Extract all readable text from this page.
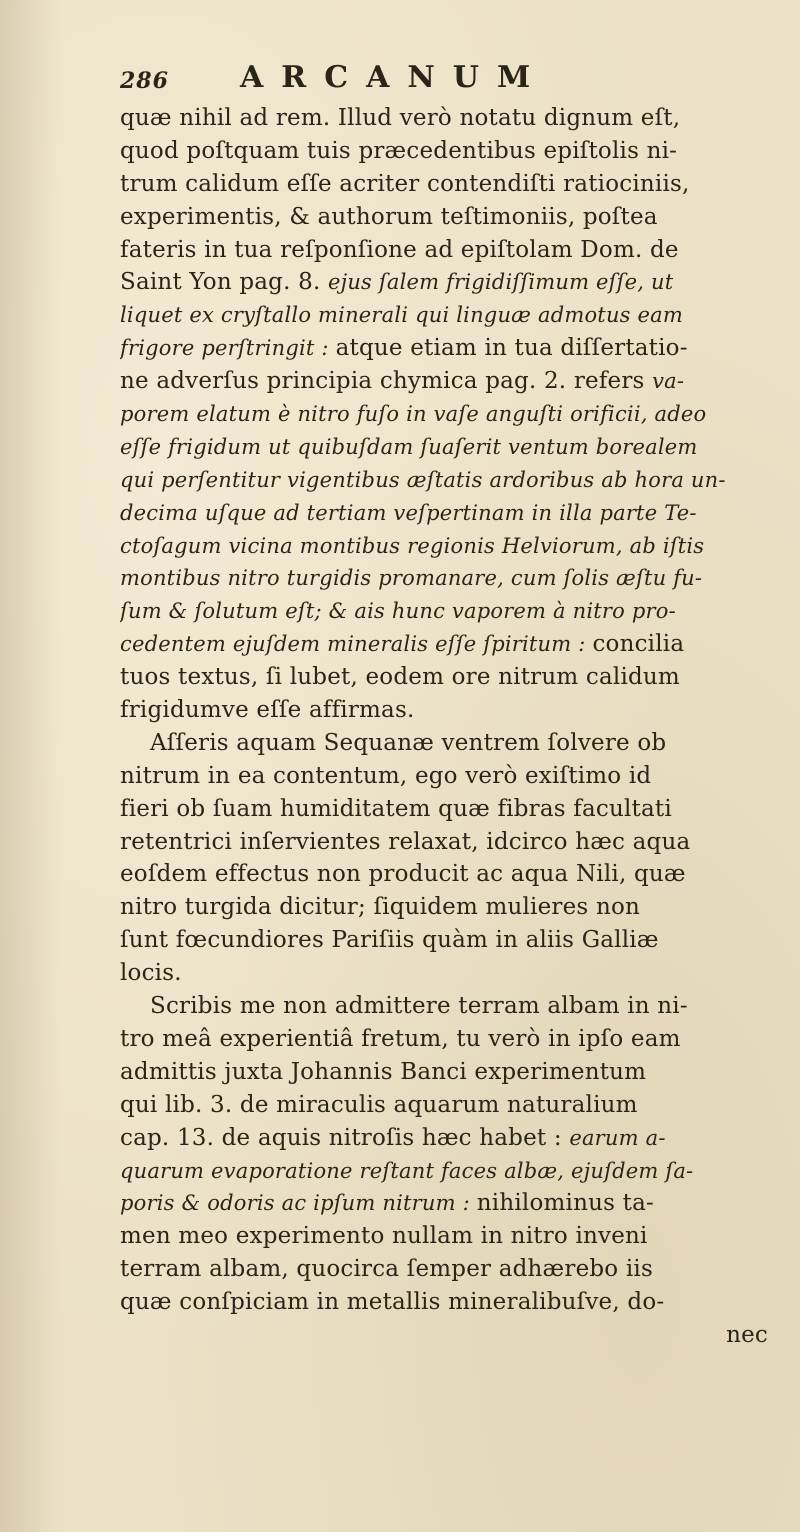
286 ARCANUM
quæ nihil ad rem. Illud verò notatu dignum eſt,
quod poſtquam tuis præcedentibus epiſtolis ni-
trum calidum eſſe acriter contendiſti ratiociniis,
experimentis, & authorum teſtimoniis, poſtea
fateris in tua reſponſione ad epiſtolam Dom. de
Saint Yon pag. 8. ejus ſalem frigidiſſimum eſſe, ut
liquet ex cryſtallo minerali qui linguæ admotus eam
frigore perſtringit : atque etiam in tua diſſertatio-
ne adverſus principia chymica pag. 2. refers va-
porem elatum è nitro fuſo in vaſe anguſti orificii, adeo
eſſe frigidum ut quibuſdam ſuaſerit ventum borealem
qui perſentitur vigentibus æſtatis ardoribus ab hora un-
decima uſque ad tertiam veſpertinam in illa parte Te-
ctoſagum vicina montibus regionis Helviorum, ab iſtis
montibus nitro turgidis promanare, cum ſolis æſtu fu-
ſum & ſolutum eſt; & ais hunc vaporem à nitro pro-
cedentem ejuſdem mineralis eſſe ſpiritum : concilia
tuos textus, ſi lubet, eodem ore nitrum calidum
frigidumve eſſe affirmas.
Aſſeris aquam Sequanæ ventrem ſolvere ob
nitrum in ea contentum, ego verò exiſtimo id
fieri ob ſuam humiditatem quæ fibras facultati
retentrici inſervientes relaxat, idcirco hæc aqua
eoſdem effectus non producit ac aqua Nili, quæ
nitro turgida dicitur; ſiquidem mulieres non
ſunt fœcundiores Pariſiis quàm in aliis Galliæ
locis.
Scribis me non admittere terram albam in ni-
tro meâ experientiâ fretum, tu verò in ipſo eam
admittis juxta Johannis Banci experimentum
qui lib. 3. de miraculis aquarum naturalium
cap. 13. de aquis nitroſis hæc habet : earum a-
quarum evaporatione reſtant faces albæ, ejuſdem ſa-
poris & odoris ac ipſum nitrum : nihilominus ta-
men meo experimento nullam in nitro inveni
terram albam, quocirca ſemper adhærebo iis
quæ conſpiciam in metallis mineralibuſve, do-
nec
